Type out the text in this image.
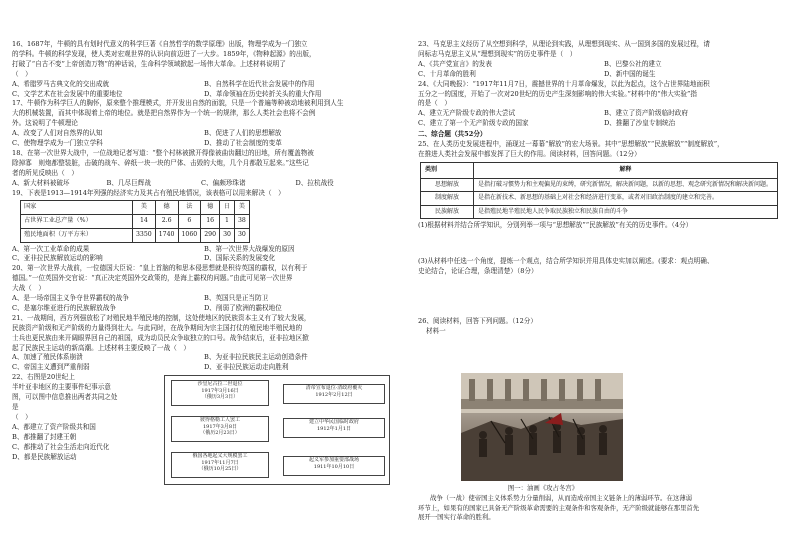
16、1687年，牛顿的具有划时代意义的科学巨著《自然哲学的数学原理》出版，物理学成为一门独立

的学科。牛顿的科学发现，使人类对宏观世界的认识向前迈进了一大步。1859年，《物种起源》的出版，

打破了“自古不变”上帝创造万物”的神话说，生命科学领域掀起一场伟大革命。上述材料说明了

（　）

A、希腊罗马古典文化的交出成就	B、自然科学在近代社会发展中的作用
C、文学艺术在社会发展中的重要地位	D、革命领袖在历史转折关头的重大作用

17、牛顿作为科学巨人的胸怀，原来整个推理模式，并开发出自然的面貌，只是一个普遍等种被动地被利用到人生

大的机械装置，而其中体现着上帝的地位。就是把自然界作为一个统一的规律，那么人类社会也将不会例

外。这说明了牛顿理论

A、改变了人们对自然界的认知	B、促进了人们的思想解放
C、使物理学成为一门独立学科	D、推动了社会制度的变革

18、在第一次世界大战中，一位战地记者写道：“整个村林被掀开得像被曲齿翻过的田地，所有覆盖物被

除掉寡　则炮都整装脏，击破的战车、碎纸一块一块的尸体、击毁的大炮，几个月都散互起来。”这些记

者的所见反映出（　）

A、新大材料被破坏	B、几尽巨辉战	C、偏颇珍珠诸	D、拉杭战役

19、下表是1913—1914年列强的经济实力及其占有殖民地情况，该表格可以用来解决（　）

国家	美	德	法	德	日	美
占世界工业总产量（%）	14	2.6	6	16	1	38
殖民地面积（万平方米）	3350	1740	1060	290	30	30
A、第一次工业革命的成果	B、第一次世界大战爆发的原因
C、亚非拉民族解放运动的影响	D、国际关系的发展变化

20、第一次世界大战前，一位德国大臣说：“皇上首脑的和思本侵思想就是积待英国的霸权，以有利于

德国。”一位英国外交官说：“真正决定英国外交政策的，是海上霸权的问题。”由此可见第一次世界

大战（　）

A、是一场帝国主义争夺世界霸权的战争	B、英国只是正当防卫
C、是塞尔维亚进行的民族解放战争	D、削弱了欧洲的霸权地位

21、一战期间，西方列强放松了对殖民地半殖民地的控制，这处使地区的民族资本主义有了较大发展，

民族资产阶级和无产阶级的力量得到壮大。与此同时，在战争期间为宗主国打仗的殖民地半殖民地的

士兵也更民族由来开阔眼界回自己的祖国，成为动员民众争取独立的口号。战争结束后，亚非拉地区掀

起了民族民主运动的新高潮。上述材料主要反映了一战（　）

A、加速了殖民体系崩溃	B、为亚非拉民族民主运动创造条件
C、帝国主义遭到严重削弱	D、亚非拉民族运动走向胜利

22、右图是20世纪上

半叶亚非地区的主要事件纪事示意

图，可以图中信息推出两者共同之处

是

（　）

A、都建立了资产阶级共和国

B、都推翻了封建王朝

C、都推动了社会生活走向近代化

D、都是民族解放运动

沙皇尼古拉二世退位
1917年3月16日
（俄历3月3日）
清帝宣布退位·清政府覆灭
1912年2月12日
彼得格勒工人罢工
1917年3月8日
（俄历2月23日）
建立中华民国临时政府
1912年1月1日
俄国各地起义大规模罢工
1917年11月7日
（俄历10月25日）
起义军参加重要部战场
1911年10月10日

23、马克思主义经历了从空想到科学，从理论到实践，从理想到现实、从一国到多国的发展过程，请

问标志马克思主义从“理想到现实”的历史事件是（　）

A、《共产党宣言》的发表	B、巴黎公社的建立
C、十月革命的胜利	D、新中国的诞生

24、《大同晚报》：“1917年11月7日，震撼世界的十月革命爆发，以此为起点，这个占世界陆地面积

五分之一的国度，开始了一次对20世纪的历史产生深刻影响的伟大实验。”材料中的“伟大实验”指

的是（　）

A、建立无产阶级专政的伟大尝试	B、建立了资产阶级临时政府
C、建立了第一个无产阶级专政的国家	D、推翻了沙皇专制统治

二、综合题（共52分）

25、在人类历史发展进程中，涌现过一幕幕“解放”的宏大场景。其中“思想解放”“民族解放”“制度解放”，

在推进人类社会发展中都发挥了巨大的作用。阅读材料，回答问题。（12分）

类别	解释
思想解放	是指打破习惯势力和主观偏见的束缚，研究新情况，解决新问题，以新的思想、观念研究新情况和解决新问题。
制度解放	是指在新技术、新思想的基础上对社会和经济进行变革，或者对旧政治制度的建立和完善。
民族解放	是指殖民地半殖民地人民争取民族独立和民族自由的斗争

(1)根据材料并结合所学知识，分别列举一项与“思想解放”“民族解放”有关的历史事件。（4分）

(3)从材料中任选一个角度，提炼一个观点，结合所学知识并用具体史实加以阐述。(要求：观点明确、

史论结合，论证合理，条理清楚）（8分）

26、阅读材料，回答下列问题。（12分）

材料一

图一：油画《攻占冬宫》

战争（一战）使帝国主义体系势力分量削弱，从而造成帝国主义链条上的薄弱环节。在这薄弱

环节上，如果有的国家已具备无产阶级革命需要的主观条件和客观条件，无产阶级就能够在那里首先

展开一国实行革命的胜利。
